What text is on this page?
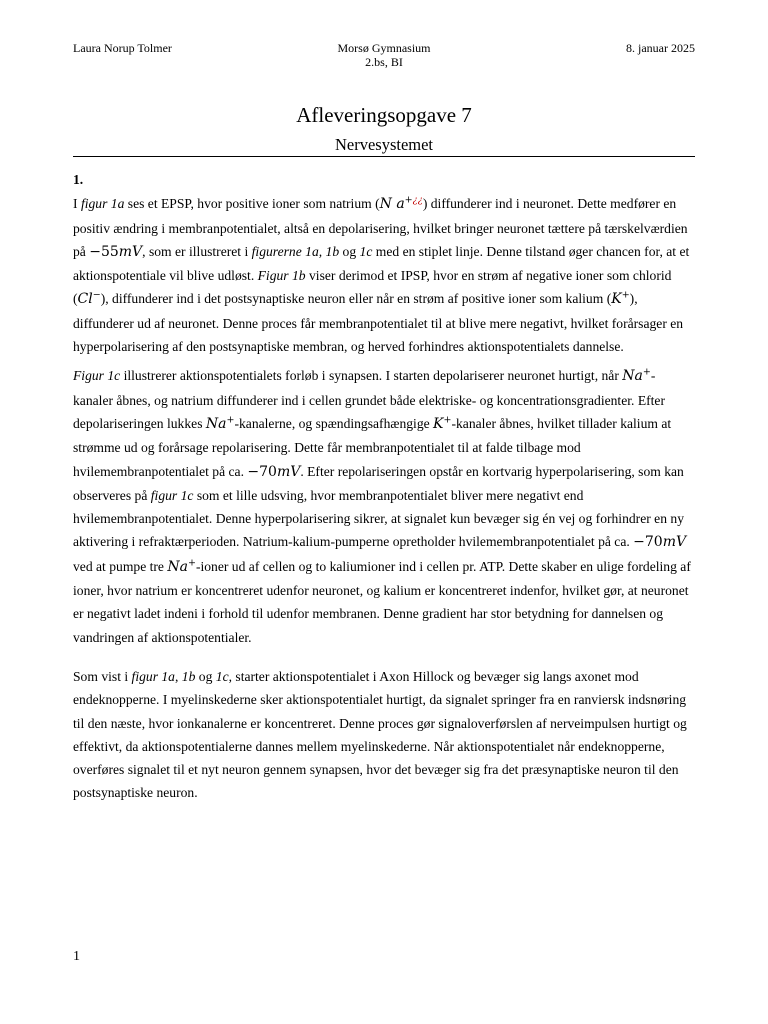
Laura Norup Tolmer	Morsø Gymnasium
2.bs, BI
8. januar 2025
Afleveringsopgave 7
Nervesystemet
1.

I figur 1a ses et EPSP, hvor positive ioner som natrium (N a+¿¿) diffunderer ind i neuronet. Dette medfører en positiv ændring i membranpotentialet, altså en depolarisering, hvilket bringer neuronet tættere på tærskelværdien på −55mV, som er illustreret i figurerne 1a, 1b og 1c med en stiplet linje. Denne tilstand øger chancen for, at et aktionspotentiale vil blive udløst. Figur 1b viser derimod et IPSP, hvor en strøm af negative ioner som chlorid (Cl−), diffunderer ind i det postsynaptiske neuron eller når en strøm af positive ioner som kalium (K+), diffunderer ud af neuronet. Denne proces får membranpotentialet til at blive mere negativt, hvilket forårsager en hyperpolarisering af den postsynaptiske membran, og herved forhindres aktionspotentialets dannelse.

Figur 1c illustrerer aktionspotentialets forløb i synapsen. I starten depolariserer neuronet hurtigt, når Na+-kanaler åbnes, og natrium diffunderer ind i cellen grundet både elektriske- og koncentrationsgradienter. Efter depolariseringen lukkes Na+-kanalerne, og spændingsafhængige K+-kanaler åbnes, hvilket tillader kalium at strømme ud og forårsage repolarisering. Dette får membranpotentialet til at falde tilbage mod hvilemembranpotentialet på ca. −70mV. Efter repolariseringen opstår en kortvarig hyperpolarisering, som kan observeres på figur 1c som et lille udsving, hvor membranpotentialet bliver mere negativt end hvilemembranpotentialet. Denne hyperpolarisering sikrer, at signalet kun bevæger sig én vej og forhindrer en ny aktivering i refraktærperioden. Natrium-kalium-pumperne opretholder hvilemembranpotentialet på ca. −70mV ved at pumpe tre Na+-ioner ud af cellen og to kaliumioner ind i cellen pr. ATP. Dette skaber en ulige fordeling af ioner, hvor natrium er koncentreret udenfor neuronet, og kalium er koncentreret indenfor, hvilket gør, at neuronet er negativt ladet indeni i forhold til udenfor membranen. Denne gradient har stor betydning for dannelsen og vandringen af aktionspotentialer.

Som vist i figur 1a, 1b og 1c, starter aktionspotentialet i Axon Hillock og bevæger sig langs axonet mod endeknopperne. I myelinskederne sker aktionspotentialet hurtigt, da signalet springer fra en ranviersk indsnøring til den næste, hvor ionkanalerne er koncentreret. Denne proces gør signaloverførslen af nerveimpulsen hurtigt og effektivt, da aktionspotentialerne dannes mellem myelinskederne. Når aktionspotentialet når endeknopperne, overføres signalet til et nyt neuron gennem synapsen, hvor det bevæger sig fra det præsynaptiske neuron til den postsynaptiske neuron.

1
